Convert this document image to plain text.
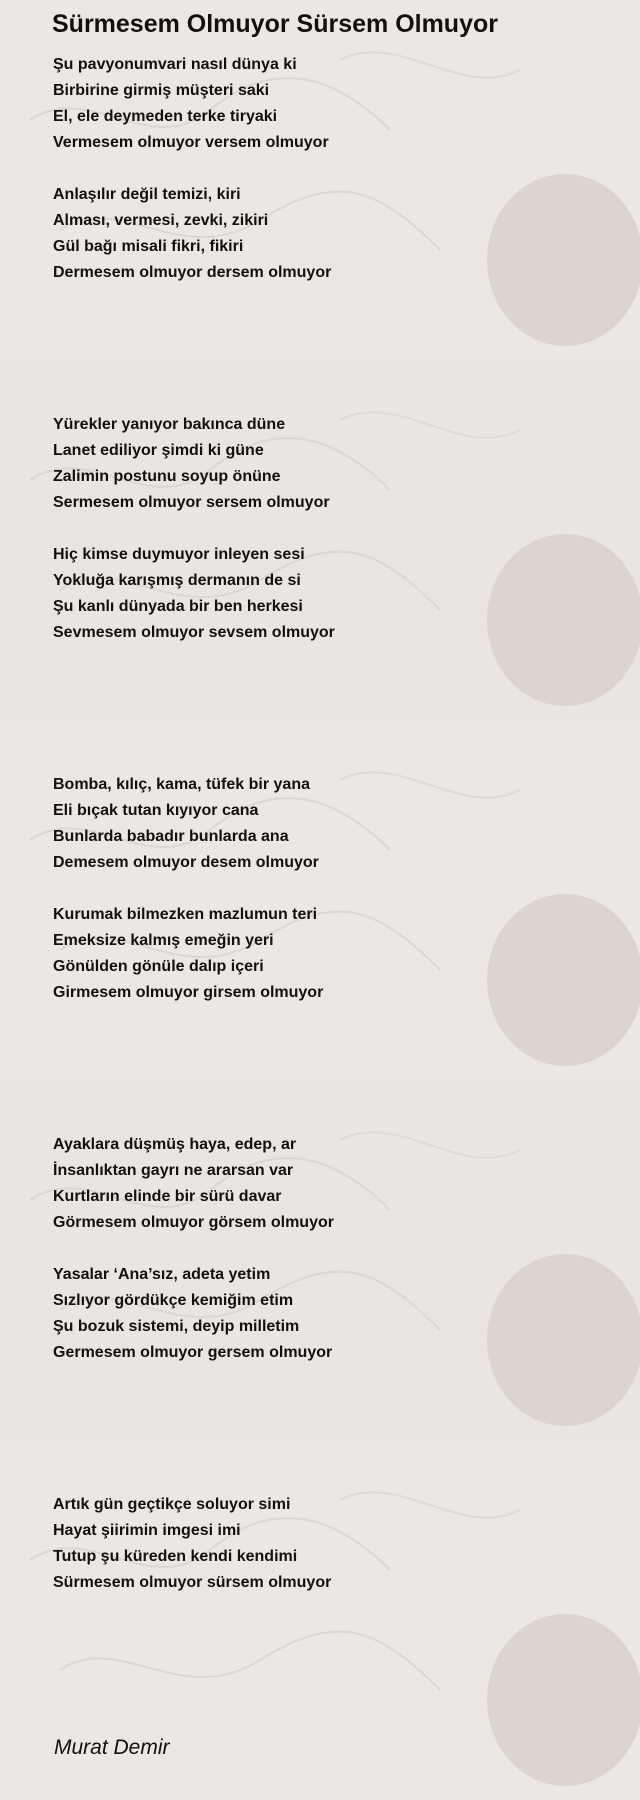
Sürmesem Olmuyor Sürsem Olmuyor
Şu pavyonumvari nasıl dünya ki
Birbirine girmiş müşteri saki
El, ele deymeden terke tiryaki
Vermesem olmuyor versem olmuyor
Anlaşılır değil temizi, kiri
Alması, vermesi, zevki, zikiri
Gül bağı misali fikri, fikiri
Dermesem olmuyor dersem olmuyor
Yürekler yanıyor bakınca düne
Lanet ediliyor şimdi ki güne
Zalimin postunu soyup önüne
Sermesem olmuyor sersem olmuyor
Hiç kimse duymuyor inleyen sesi
Yokluğa karışmış dermanın de si
Şu kanlı dünyada bir ben herkesi
Sevmesem olmuyor sevsem olmuyor
Bomba, kılıç, kama, tüfek bir yana
Eli bıçak tutan kıyıyor cana
Bunlarda babadır bunlarda ana
Demesem olmuyor desem olmuyor
Kurumak bilmezken mazlumun teri
Emeksize kalmış emeğin yeri
Gönülden gönüle dalıp içeri
Girmesem olmuyor girsem olmuyor
Ayaklara düşmüş haya, edep, ar
İnsanlıktan gayrı ne ararsan var
Kurtların elinde bir sürü davar
Görmesem olmuyor görsem olmuyor
Yasalar ‘Ana’sız, adeta yetim
Sızlıyor gördükçe kemiğim etim
Şu bozuk sistemi, deyip milletim
Germesem olmuyor gersem olmuyor
Artık gün geçtikçe soluyor simi
Hayat şiirimin imgesi imi
Tutup şu küreden kendi kendimi
Sürmesem olmuyor sürsem olmuyor

Murat Demir
